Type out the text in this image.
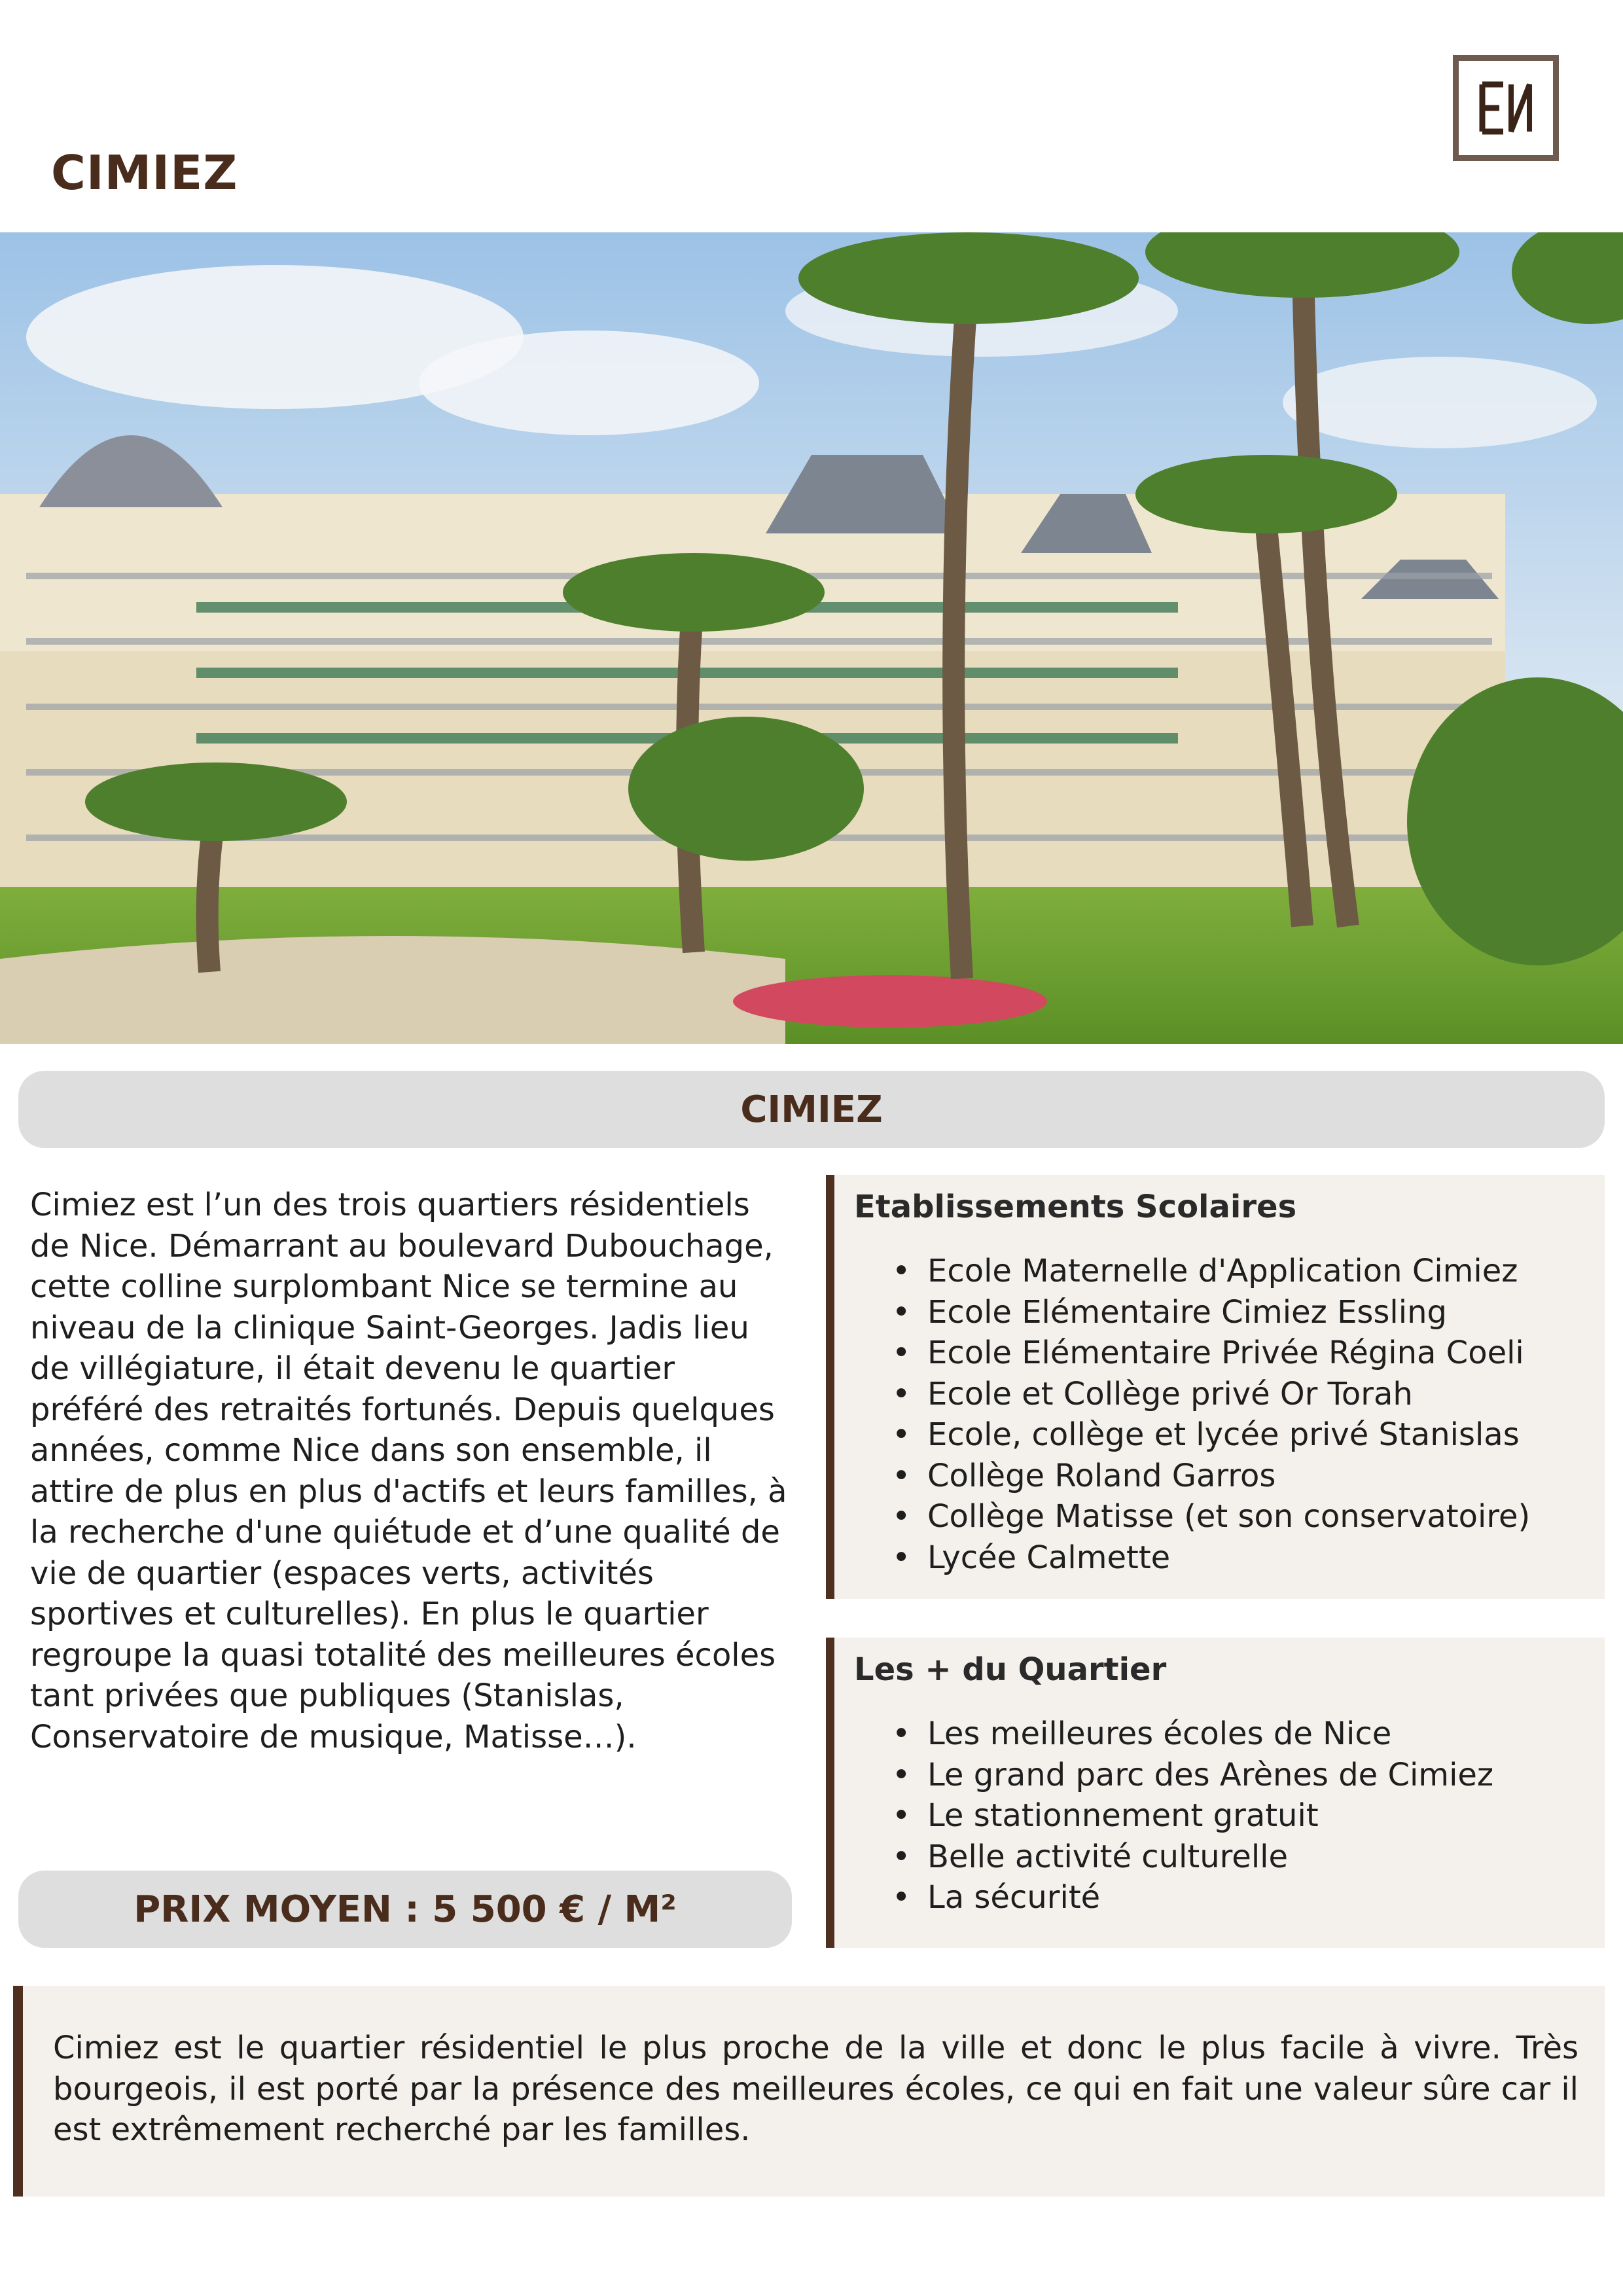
CIMIEZ
CIMIEZ

Cimiez est l’un des trois quartiers résidentiels de Nice. Démarrant au boulevard Dubouchage, cette colline surplombant Nice se termine au niveau de la clinique Saint-Georges. Jadis lieu de villégiature, il était devenu le quartier préféré des retraités fortunés. Depuis quelques années, comme Nice dans son ensemble, il attire de plus en plus d'actifs et leurs familles, à la recherche d'une quiétude et d’une qualité de vie de quartier (espaces verts, activités sportives et culturelles). En plus le quartier regroupe la quasi totalité des meilleures écoles tant privées que publiques (Stanislas, Conservatoire de musique, Matisse…).

PRIX MOYEN : 5 500 € / M²
Etablissements Scolaires
• Ecole Maternelle d'Application Cimiez
• Ecole Elémentaire Cimiez Essling
• Ecole Elémentaire Privée Régina Coeli
• Ecole et Collège privé Or Torah
• Ecole, collège et lycée privé Stanislas
• Collège Roland Garros
• Collège Matisse (et son conservatoire)
• Lycée Calmette
Les + du Quartier
• Les meilleures écoles de Nice
• Le grand parc des Arènes de Cimiez
• Le stationnement gratuit
• Belle activité culturelle
• La sécurité
Cimiez est le quartier résidentiel le plus proche de la ville et donc le plus facile à vivre. Très bourgeois, il est porté par la présence des meilleures écoles, ce qui en fait une valeur sûre car il est extrêmement recherché par les familles.
